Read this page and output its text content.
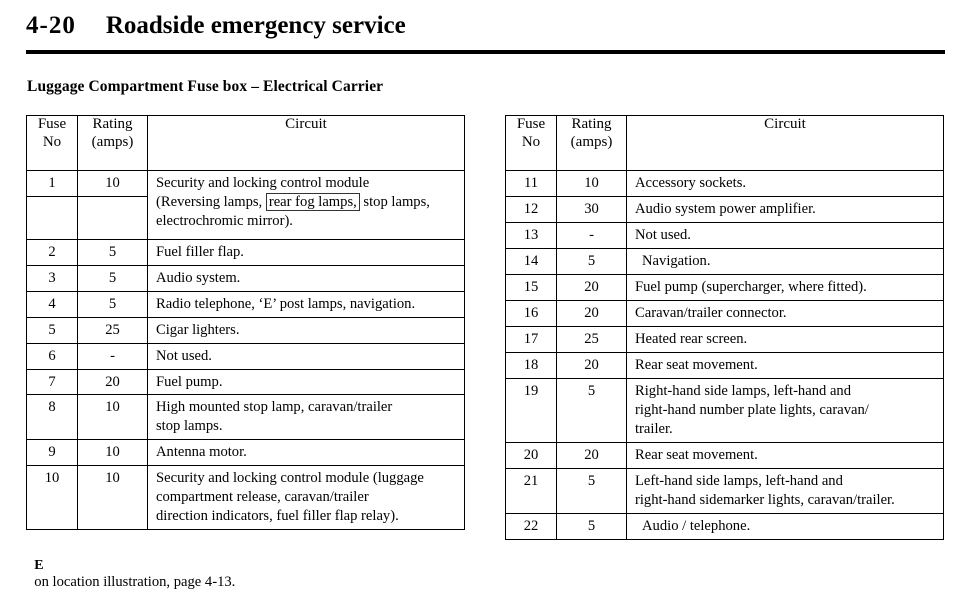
4-20 Roadside emergency service
Luggage Compartment Fuse box – Electrical Carrier
Fuse
No	Rating
(amps)	Circuit
1	10	Security and locking control module
(Reversing lamps, rear fog lamps, stop lamps,
electrochromic mirror).

2	5	Fuel filler flap.
3	5	Audio system.
4	5	Radio telephone, ‘E’ post lamps, navigation.
5	25	Cigar lighters.
6	-	Not used.
7	20	Fuel pump.
8	10	High mounted stop lamp, caravan/trailer
stop lamps.
9	10	Antenna motor.
10	10	Security and locking control module (luggage
compartment release, caravan/trailer
direction indicators, fuel filler flap relay).
Fuse
No	Rating
(amps)	Circuit
11	10	Accessory sockets.
12	30	Audio system power amplifier.
13	-	Not used.
14	5	Navigation.
15	20	Fuel pump (supercharger, where fitted).
16	20	Caravan/trailer connector.
17	25	Heated rear screen.
18	20	Rear seat movement.
19	5	Right-hand side lamps, left-hand and
right-hand number plate lights, caravan/
trailer.
20	20	Rear seat movement.
21	5	Left-hand side lamps, left-hand and
right-hand sidemarker lights, caravan/trailer.
22	5	Audio / telephone.

E
on location illustration, page 4-13.
